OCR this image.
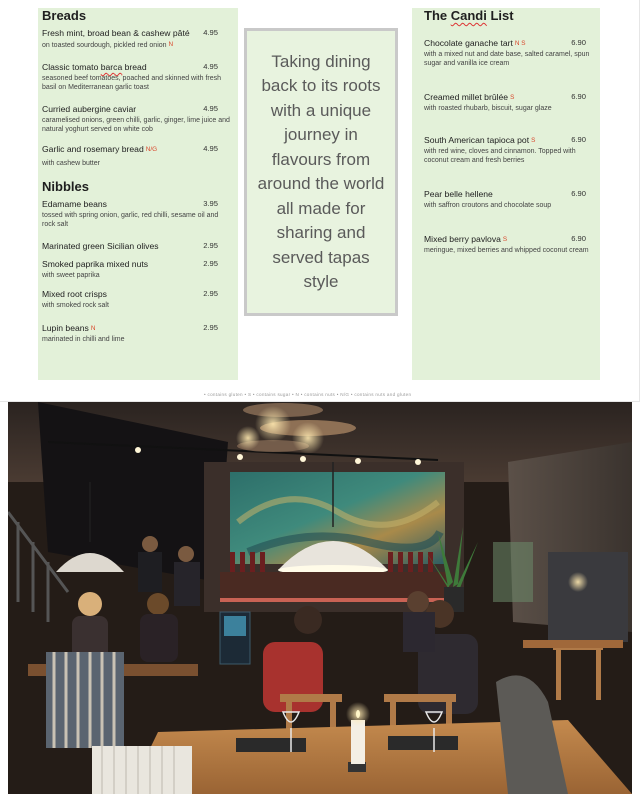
Breads
Fresh mint, broad bean & cashew pâté	4.95
on toasted sourdough, pickled red onion N
Classic tomato barca bread	4.95
seasoned beef tomatoes, poached and skinned with fresh basil on Mediterranean garlic toast
Curried aubergine caviar	4.95
caramelised onions, green chilli, garlic, ginger, lime juice and natural yoghurt served on white cob
Garlic and rosemary bread N/G	4.95
with cashew butter
Nibbles
Edamame beans	3.95
tossed with spring onion, garlic, red chilli, sesame oil and rock salt
Marinated green Sicilian olives	2.95
Smoked paprika mixed nuts	2.95
with sweet paprika
Mixed root crisps	2.95
with smoked rock salt
Lupin beans N	2.95
marinated in chilli and lime
Taking dining back to its roots with a unique journey in flavours from around the world all made for sharing and served tapas style
The Candi List
Chocolate ganache tart N S	6.90
with a mixed nut and date base, salted caramel, spun sugar and vanilla ice cream
Creamed millet brûlée S	6.90
with roasted rhubarb, biscuit, sugar glaze
South American tapioca pot S	6.90
with red wine, cloves and cinnamon. Topped with coconut cream and fresh berries
Pear belle hellene	6.90
with saffron croutons and chocolate soup
Mixed berry pavlova S	6.90
meringue, mixed berries and whipped coconut cream
• contains gluten • S • contains sugar • N • contains nuts • N/G • contains nuts and gluten
